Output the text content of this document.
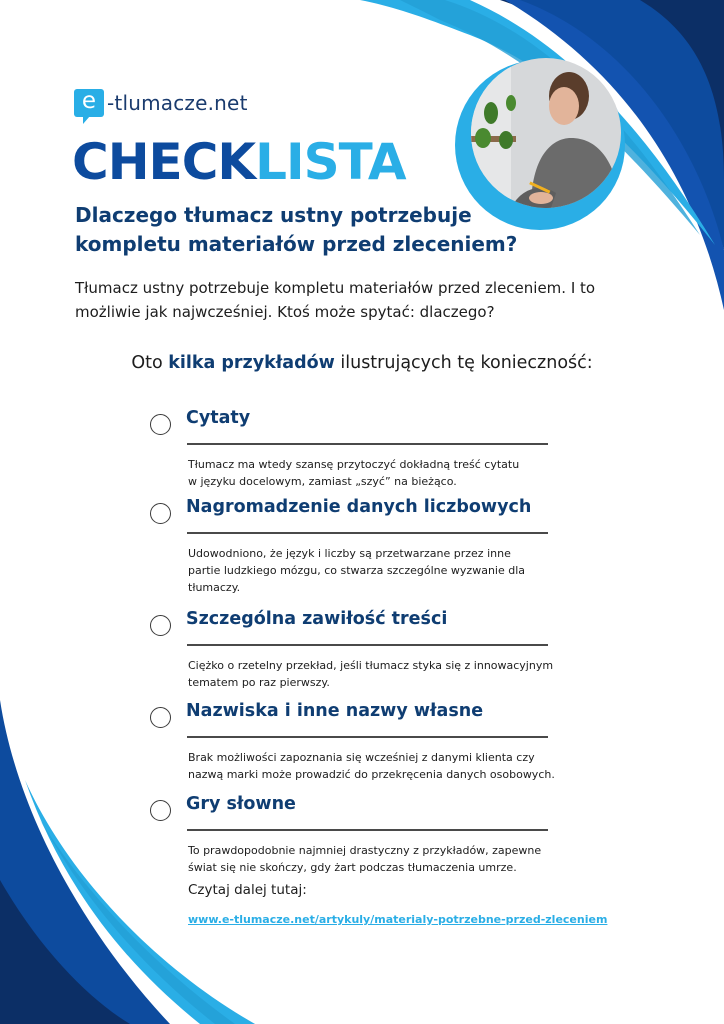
e -tlumacze.net
CHECKLISTA
Dlaczego tłumacz ustny potrzebuje
kompletu materiałów przed zleceniem?
Tłumacz ustny potrzebuje kompletu materiałów przed zleceniem. I to możliwie jak najwcześniej. Ktoś może spytać: dlaczego?
Oto kilka przykładów ilustrujących tę konieczność:
Cytaty
Tłumacz ma wtedy szansę przytoczyć dokładną treść cytatu
w języku docelowym, zamiast „szyć” na bieżąco.
Nagromadzenie danych liczbowych
Udowodniono, że język i liczby są przetwarzane przez inne
partie ludzkiego mózgu, co stwarza szczególne wyzwanie dla
tłumaczy.
Szczególna zawiłość treści
Ciężko o rzetelny przekład, jeśli tłumacz styka się z innowacyjnym
tematem po raz pierwszy.
Nazwiska i inne nazwy własne
Brak możliwości zapoznania się wcześniej z danymi klienta czy
nazwą marki może prowadzić do przekręcenia danych osobowych.
Gry słowne
To prawdopodobnie najmniej drastyczny z przykładów, zapewne
świat się nie skończy, gdy żart podczas tłumaczenia umrze.
Czytaj dalej tutaj:
www.e-tlumacze.net/artykuly/materialy-potrzebne-przed-zleceniem
